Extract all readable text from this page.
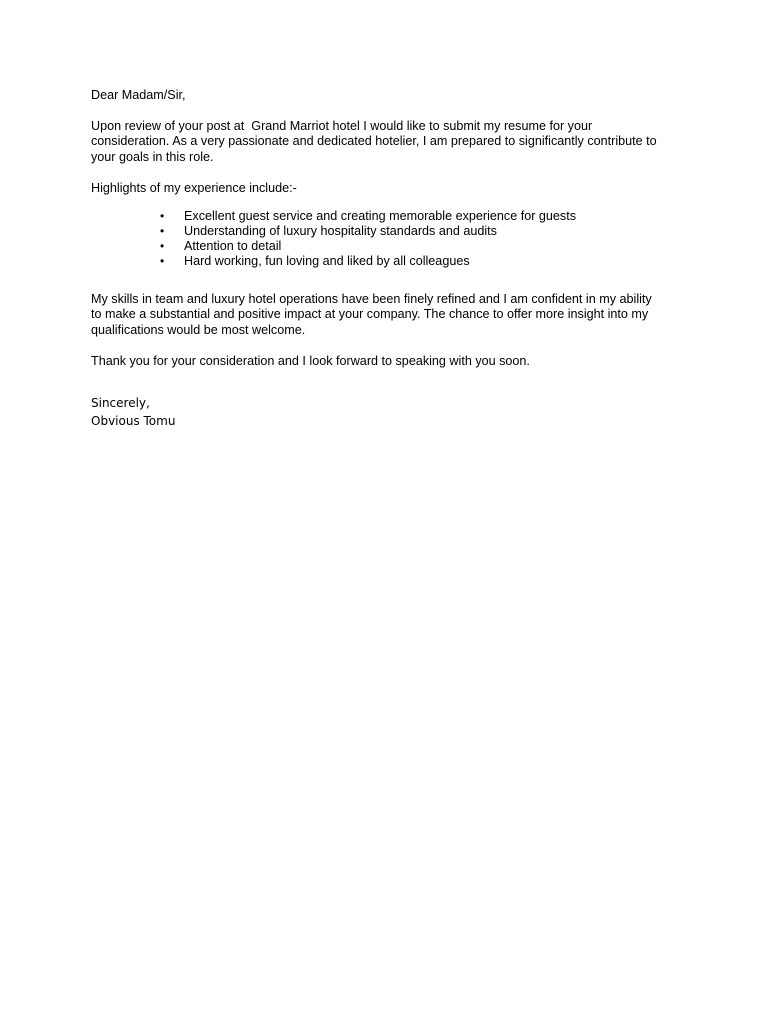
Dear Madam/Sir,

Upon review of your post at  Grand Marriot hotel I would like to submit my resume for your

consideration. As a very passionate and dedicated hotelier, I am prepared to significantly contribute to

your goals in this role.

Highlights of my experience include:-

• Excellent guest service and creating memorable experience for guests
• Understanding of luxury hospitality standards and audits
• Attention to detail
• Hard working, fun loving and liked by all colleagues

My skills in team and luxury hotel operations have been finely refined and I am confident in my ability

to make a substantial and positive impact at your company. The chance to offer more insight into my

qualifications would be most welcome.

Thank you for your consideration and I look forward to speaking with you soon.

Sincerely,

Obvious Tomu
